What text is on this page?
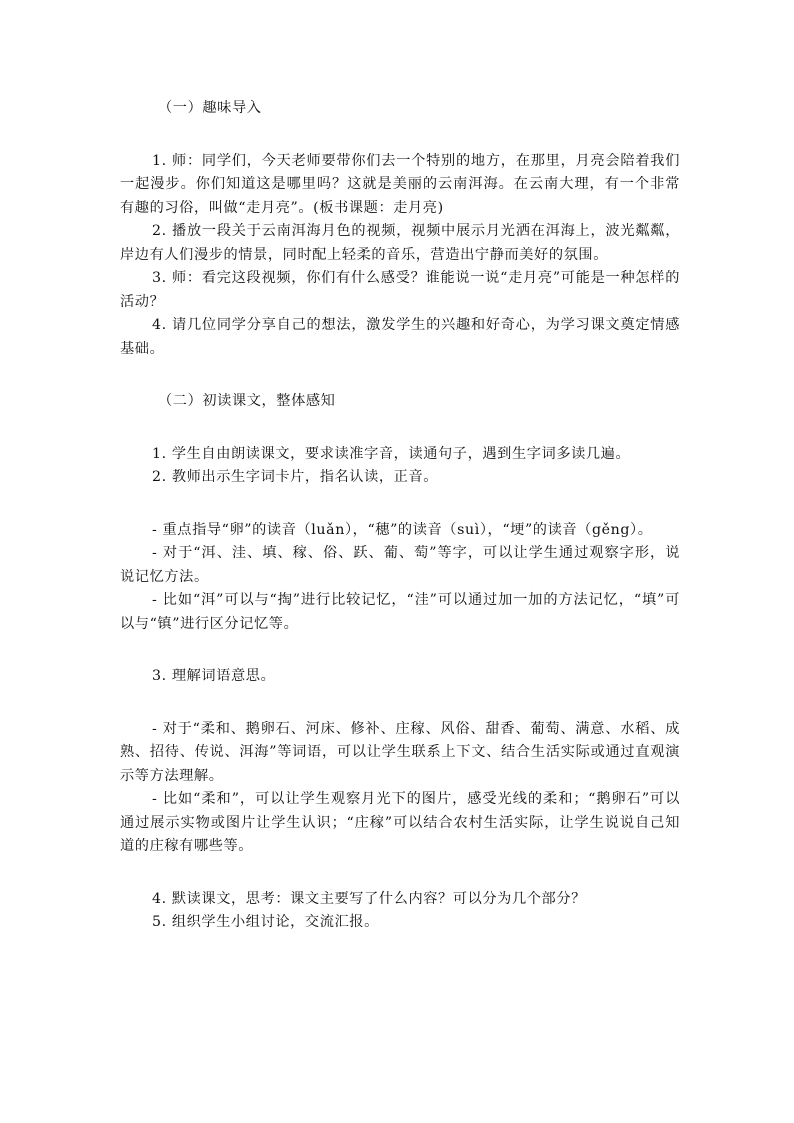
（一）趣味导入

1. 师：同学们，今天老师要带你们去一个特别的地方，在那里，月亮会陪着我们一起漫步。你们知道这是哪里吗？这就是美丽的云南洱海。在云南大理，有一个非常有趣的习俗，叫做“走月亮”。(板书课题：走月亮)

2. 播放一段关于云南洱海月色的视频，视频中展示月光洒在洱海上，波光粼粼，岸边有人们漫步的情景，同时配上轻柔的音乐，营造出宁静而美好的氛围。

3. 师：看完这段视频，你们有什么感受？谁能说一说“走月亮”可能是一种怎样的活动？

4. 请几位同学分享自己的想法，激发学生的兴趣和好奇心，为学习课文奠定情感基础。

（二）初读课文，整体感知

1. 学生自由朗读课文，要求读准字音，读通句子，遇到生字词多读几遍。

2. 教师出示生字词卡片，指名认读，正音。

- 重点指导“卵”的读音（luǎn），“穗”的读音（suì），“埂”的读音（gěng）。

- 对于“洱、洼、填、稼、俗、跃、葡、萄”等字，可以让学生通过观察字形，说说记忆方法。

- 比如“洱”可以与“掏”进行比较记忆，“洼”可以通过加一加的方法记忆，“填”可以与“镇”进行区分记忆等。

3. 理解词语意思。

- 对于“柔和、鹅卵石、河床、修补、庄稼、风俗、甜香、葡萄、满意、水稻、成熟、招待、传说、洱海”等词语，可以让学生联系上下文、结合生活实际或通过直观演示等方法理解。

- 比如“柔和”，可以让学生观察月光下的图片，感受光线的柔和；“鹅卵石”可以通过展示实物或图片让学生认识；“庄稼”可以结合农村生活实际，让学生说说自己知道的庄稼有哪些等。

4. 默读课文，思考：课文主要写了什么内容？可以分为几个部分？

5. 组织学生小组讨论，交流汇报。
